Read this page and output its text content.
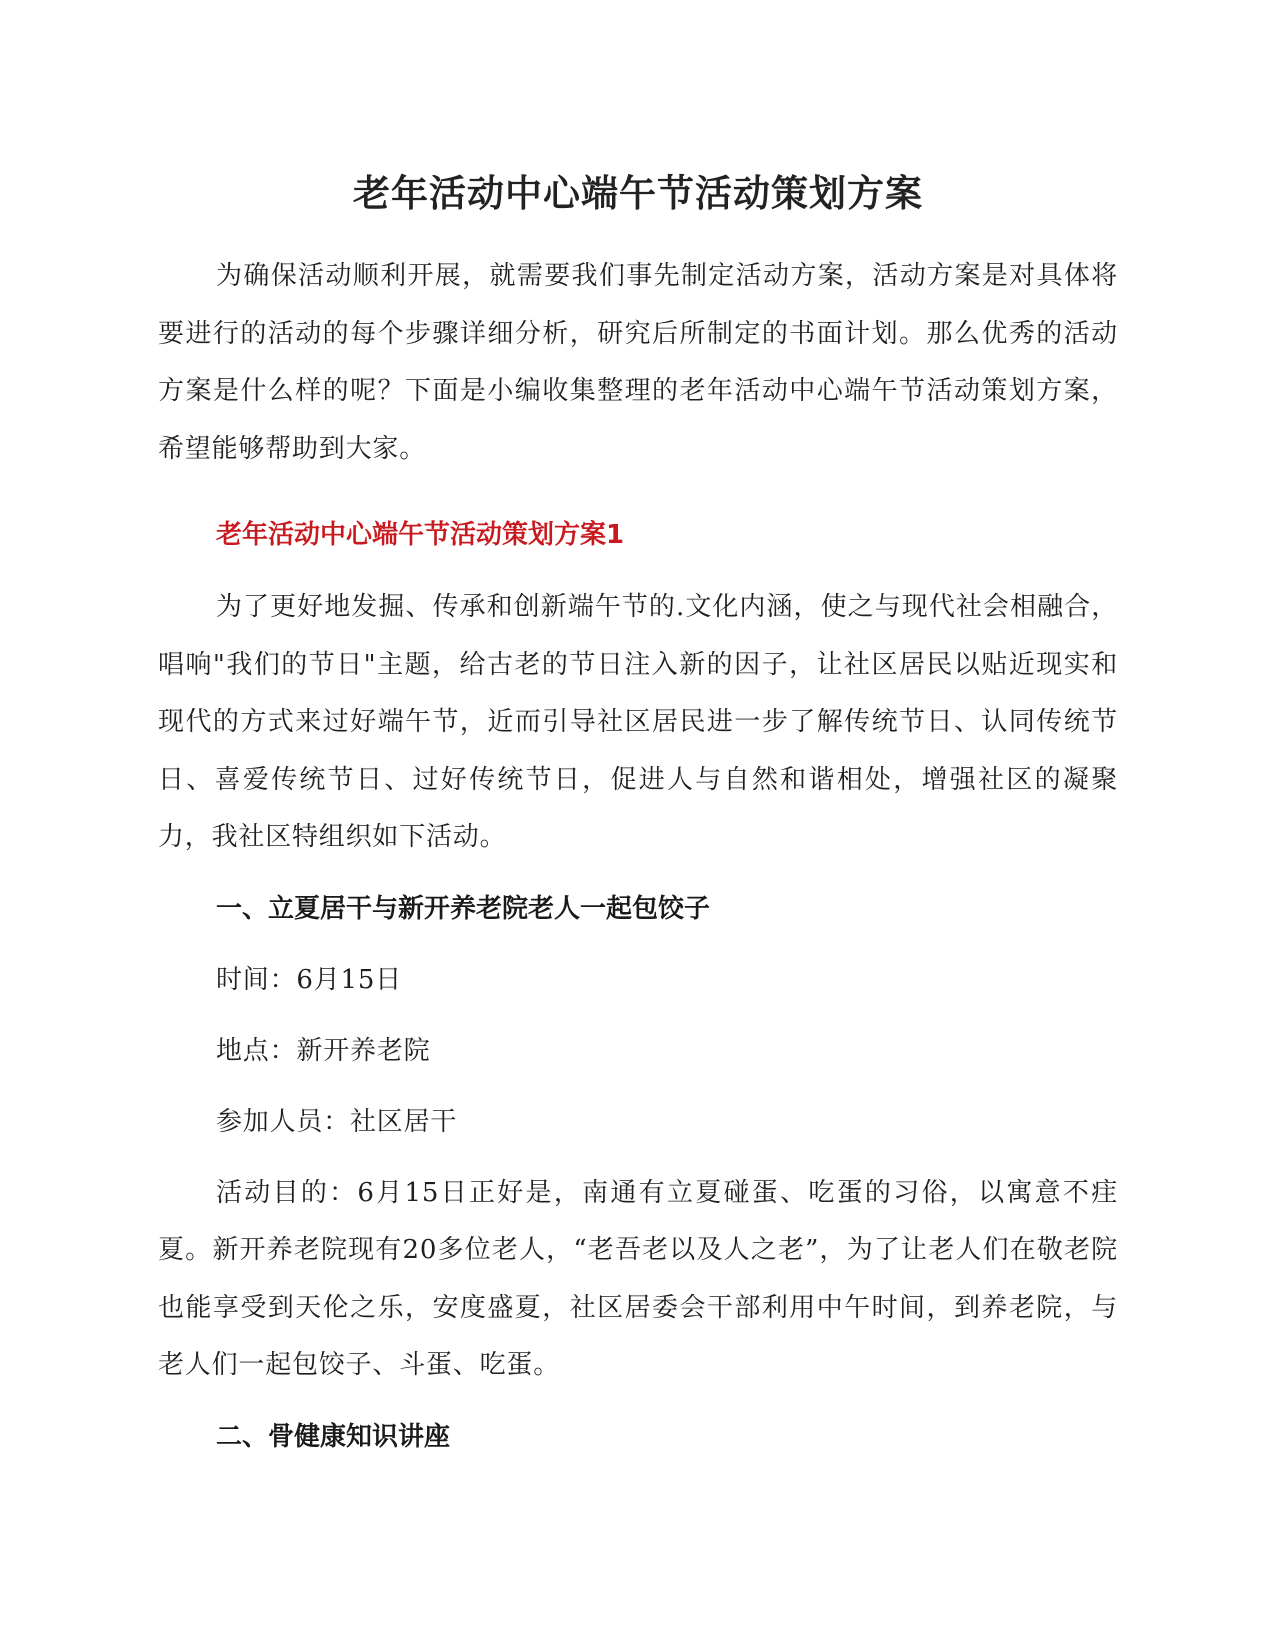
老年活动中心端午节活动策划方案

为确保活动顺利开展，就需要我们事先制定活动方案，活动方案是对具体将要进行的活动的每个步骤详细分析，研究后所制定的书面计划。那么优秀的活动方案是什么样的呢？下面是小编收集整理的老年活动中心端午节活动策划方案，希望能够帮助到大家。

老年活动中心端午节活动策划方案1

为了更好地发掘、传承和创新端午节的.文化内涵，使之与现代社会相融合，唱响"我们的节日"主题，给古老的节日注入新的因子，让社区居民以贴近现实和现代的方式来过好端午节，近而引导社区居民进一步了解传统节日、认同传统节日、喜爱传统节日、过好传统节日，促进人与自然和谐相处，增强社区的凝聚力，我社区特组织如下活动。

一、立夏居干与新开养老院老人一起包饺子

时间：6月15日

地点：新开养老院

参加人员：社区居干

活动目的：6月15日正好是，南通有立夏碰蛋、吃蛋的习俗，以寓意不疰夏。新开养老院现有20多位老人，“老吾老以及人之老”，为了让老人们在敬老院也能享受到天伦之乐，安度盛夏，社区居委会干部利用中午时间，到养老院，与老人们一起包饺子、斗蛋、吃蛋。

二、骨健康知识讲座
